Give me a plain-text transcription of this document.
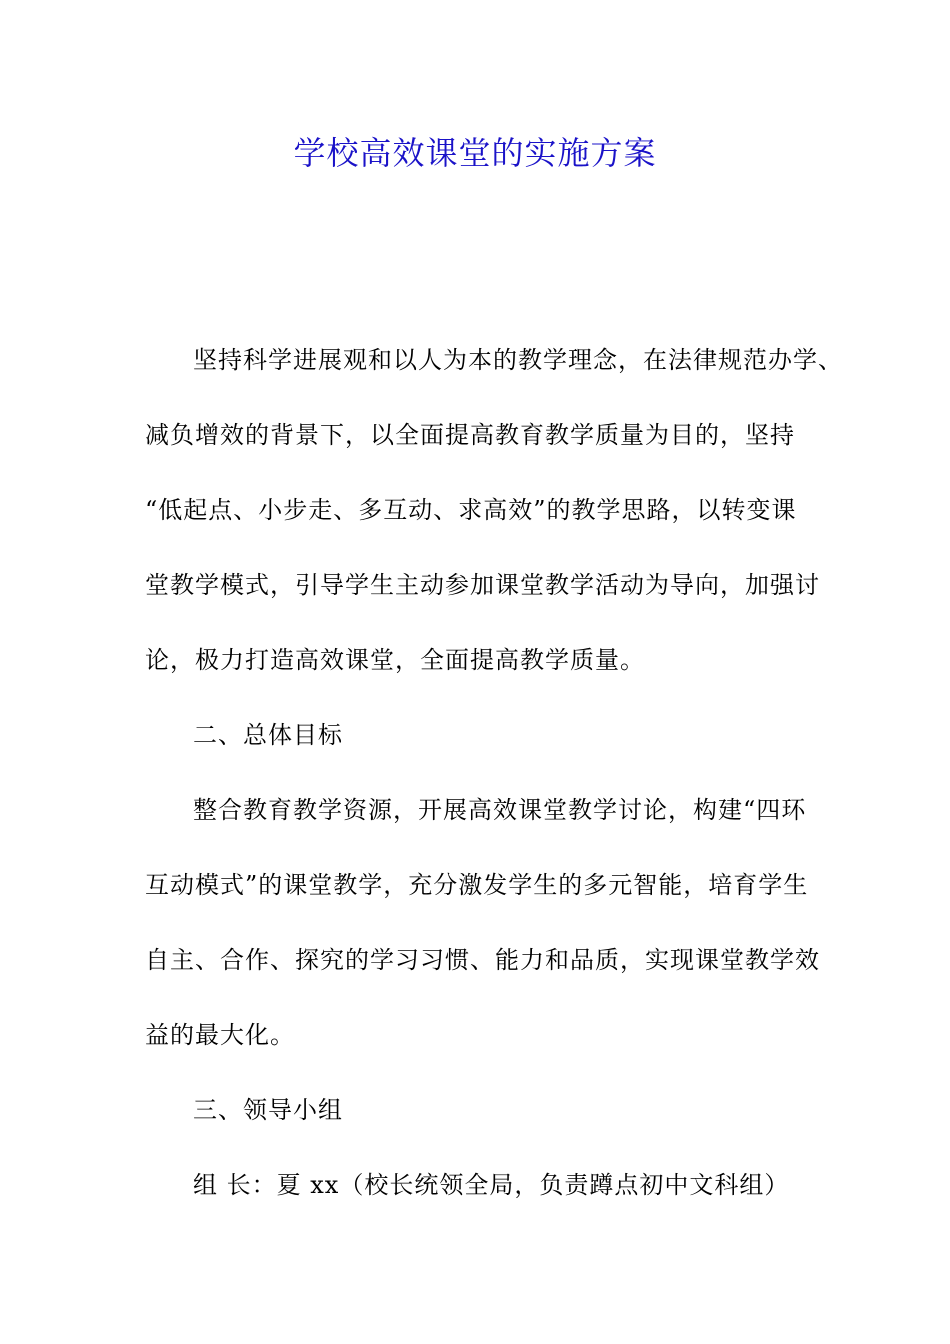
学校高效课堂的实施方案
坚持科学进展观和以人为本的教学理念，在法律规范办学、
减负增效的背景下，以全面提高教育教学质量为目的，坚持
“低起点、小步走、多互动、求高效”的教学思路，以转变课
堂教学模式，引导学生主动参加课堂教学活动为导向，加强讨
论，极力打造高效课堂，全面提高教学质量。
二、总体目标
整合教育教学资源，开展高效课堂教学讨论，构建“四环
互动模式”的课堂教学，充分激发学生的多元智能，培育学生
自主、合作、探究的学习习惯、能力和品质，实现课堂教学效
益的最大化。
三、领导小组
组 长：夏 xx（校长统领全局，负责蹲点初中文科组）
